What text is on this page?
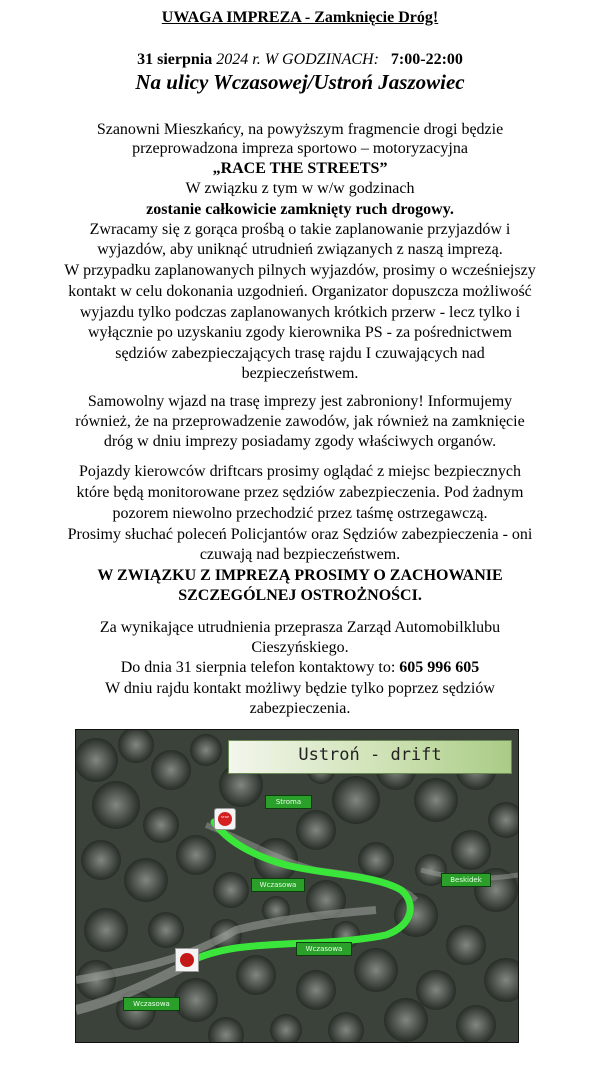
UWAGA IMPREZA - Zamknięcie Dróg!
31 sierpnia 2024 r. W GODZINACH: 7:00-22:00
Na ulicy Wczasowej/Ustroń Jaszowiec
Szanowni Mieszkańcy, na powyższym fragmencie drogi będzie
przeprowadzona impreza sportowo – motoryzacyjna
„RACE THE STREETS”
W związku z tym w w/w godzinach
zostanie całkowicie zamknięty ruch drogowy.
Zwracamy się z gorąca prośbą o takie zaplanowanie przyjazdów i
wyjazdów, aby uniknąć utrudnień związanych z naszą imprezą.
W przypadku zaplanowanych pilnych wyjazdów, prosimy o wcześniejszy
kontakt w celu dokonania uzgodnień. Organizator dopuszcza możliwość
wyjazdu tylko podczas zaplanowanych krótkich przerw - lecz tylko i
wyłącznie po uzyskaniu zgody kierownika PS - za pośrednictwem
sędziów zabezpieczających trasę rajdu I czuwających nad
bezpieczeństwem.
Samowolny wjazd na trasę imprezy jest zabroniony! Informujemy
również, że na przeprowadzenie zawodów, jak również na zamknięcie
dróg w dniu imprezy posiadamy zgody właściwych organów.
Pojazdy kierowców driftcars prosimy oglądać z miejsc bezpiecznych
które będą monitorowane przez sędziów zabezpieczenia. Pod żadnym
pozorem niewolno przechodzić przez taśmę ostrzegawczą.
Prosimy słuchać poleceń Policjantów oraz Sędziów zabezpieczenia - oni
czuwają nad bezpieczeństwem.
W ZWIĄZKU Z IMPREZĄ PROSIMY O ZACHOWANIE
SZCZEGÓLNEJ OSTROŻNOŚCI.
Za wynikające utrudnienia przeprasza Zarząd Automobilklubu
Cieszyńskiego.
Do dnia 31 sierpnia telefon kontaktowy to: 605 996 605
W dniu rajdu kontakt możliwy będzie tylko poprzez sędziów
zabezpieczenia.
Ustroń - drift
Stroma
Wczasowa
Beskidek
Wczasowa
Wczasowa
STOP
